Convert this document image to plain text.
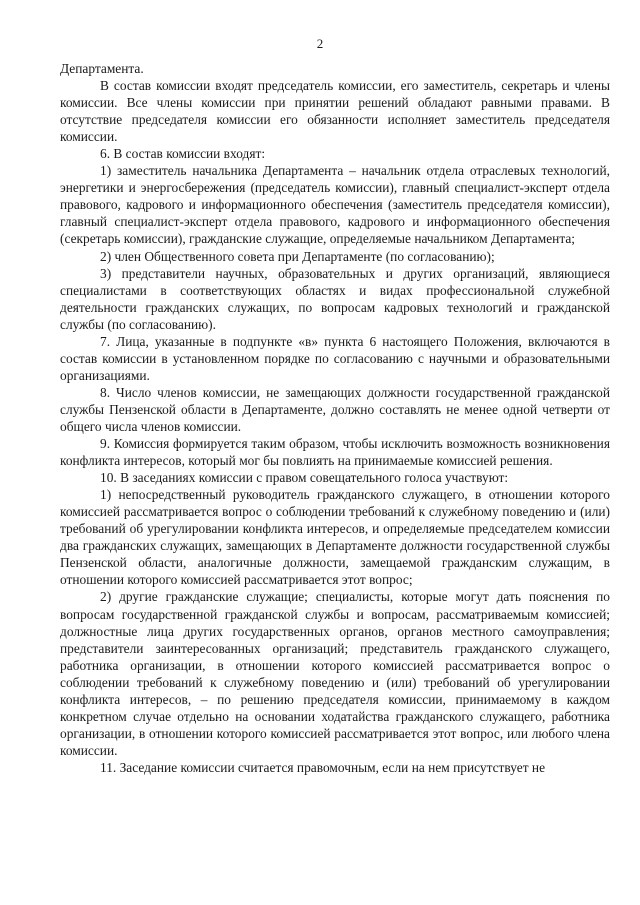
2

Департамента.

В состав комиссии входят председатель комиссии, его заместитель, секретарь и члены комиссии. Все члены комиссии при принятии решений обладают равными правами. В отсутствие председателя комиссии его обязанности исполняет заместитель председателя комиссии.

6. В состав комиссии входят:

1) заместитель начальника Департамента – начальник отдела отраслевых технологий, энергетики и энергосбережения (председатель комиссии), главный специалист-эксперт отдела правового, кадрового и информационного обеспечения (заместитель председателя комиссии), главный специалист-эксперт отдела правового, кадрового и информационного обеспечения (секретарь комиссии), гражданские служащие, определяемые начальником Департамента;

2) член Общественного совета при Департаменте (по согласованию);

3) представители научных, образовательных и других организаций, являющиеся специалистами в соответствующих областях и видах профессиональной служебной деятельности гражданских служащих, по вопросам кадровых технологий и гражданской службы (по согласованию).

7. Лица, указанные в подпункте «в» пункта 6 настоящего Положения, включаются в состав комиссии в установленном порядке по согласованию с научными и образовательными организациями.

8. Число членов комиссии, не замещающих должности государственной гражданской службы Пензенской области в Департаменте, должно составлять не менее одной четверти от общего числа членов комиссии.

9. Комиссия формируется таким образом, чтобы исключить возможность возникновения конфликта интересов, который мог бы повлиять на принимаемые комиссией решения.

10. В заседаниях комиссии с правом совещательного голоса участвуют:

1) непосредственный руководитель гражданского служащего, в отношении которого комиссией рассматривается вопрос о соблюдении требований к служебному поведению и (или) требований об урегулировании конфликта интересов, и определяемые председателем комиссии два гражданских служащих, замещающих в Департаменте должности государственной службы Пензенской области, аналогичные должности, замещаемой гражданским служащим, в отношении которого комиссией рассматривается этот вопрос;

2) другие гражданские служащие; специалисты, которые могут дать пояснения по вопросам государственной гражданской службы и вопросам, рассматриваемым комиссией; должностные лица других государственных органов, органов местного самоуправления; представители заинтересованных организаций; представитель гражданского служащего, работника организации, в отношении которого комиссией рассматривается вопрос о соблюдении требований к служебному поведению и (или) требований об урегулировании конфликта интересов, – по решению председателя комиссии, принимаемому в каждом конкретном случае отдельно на основании ходатайства гражданского служащего, работника организации, в отношении которого комиссией рассматривается этот вопрос, или любого члена комиссии.

11. Заседание комиссии считается правомочным, если на нем присутствует не
